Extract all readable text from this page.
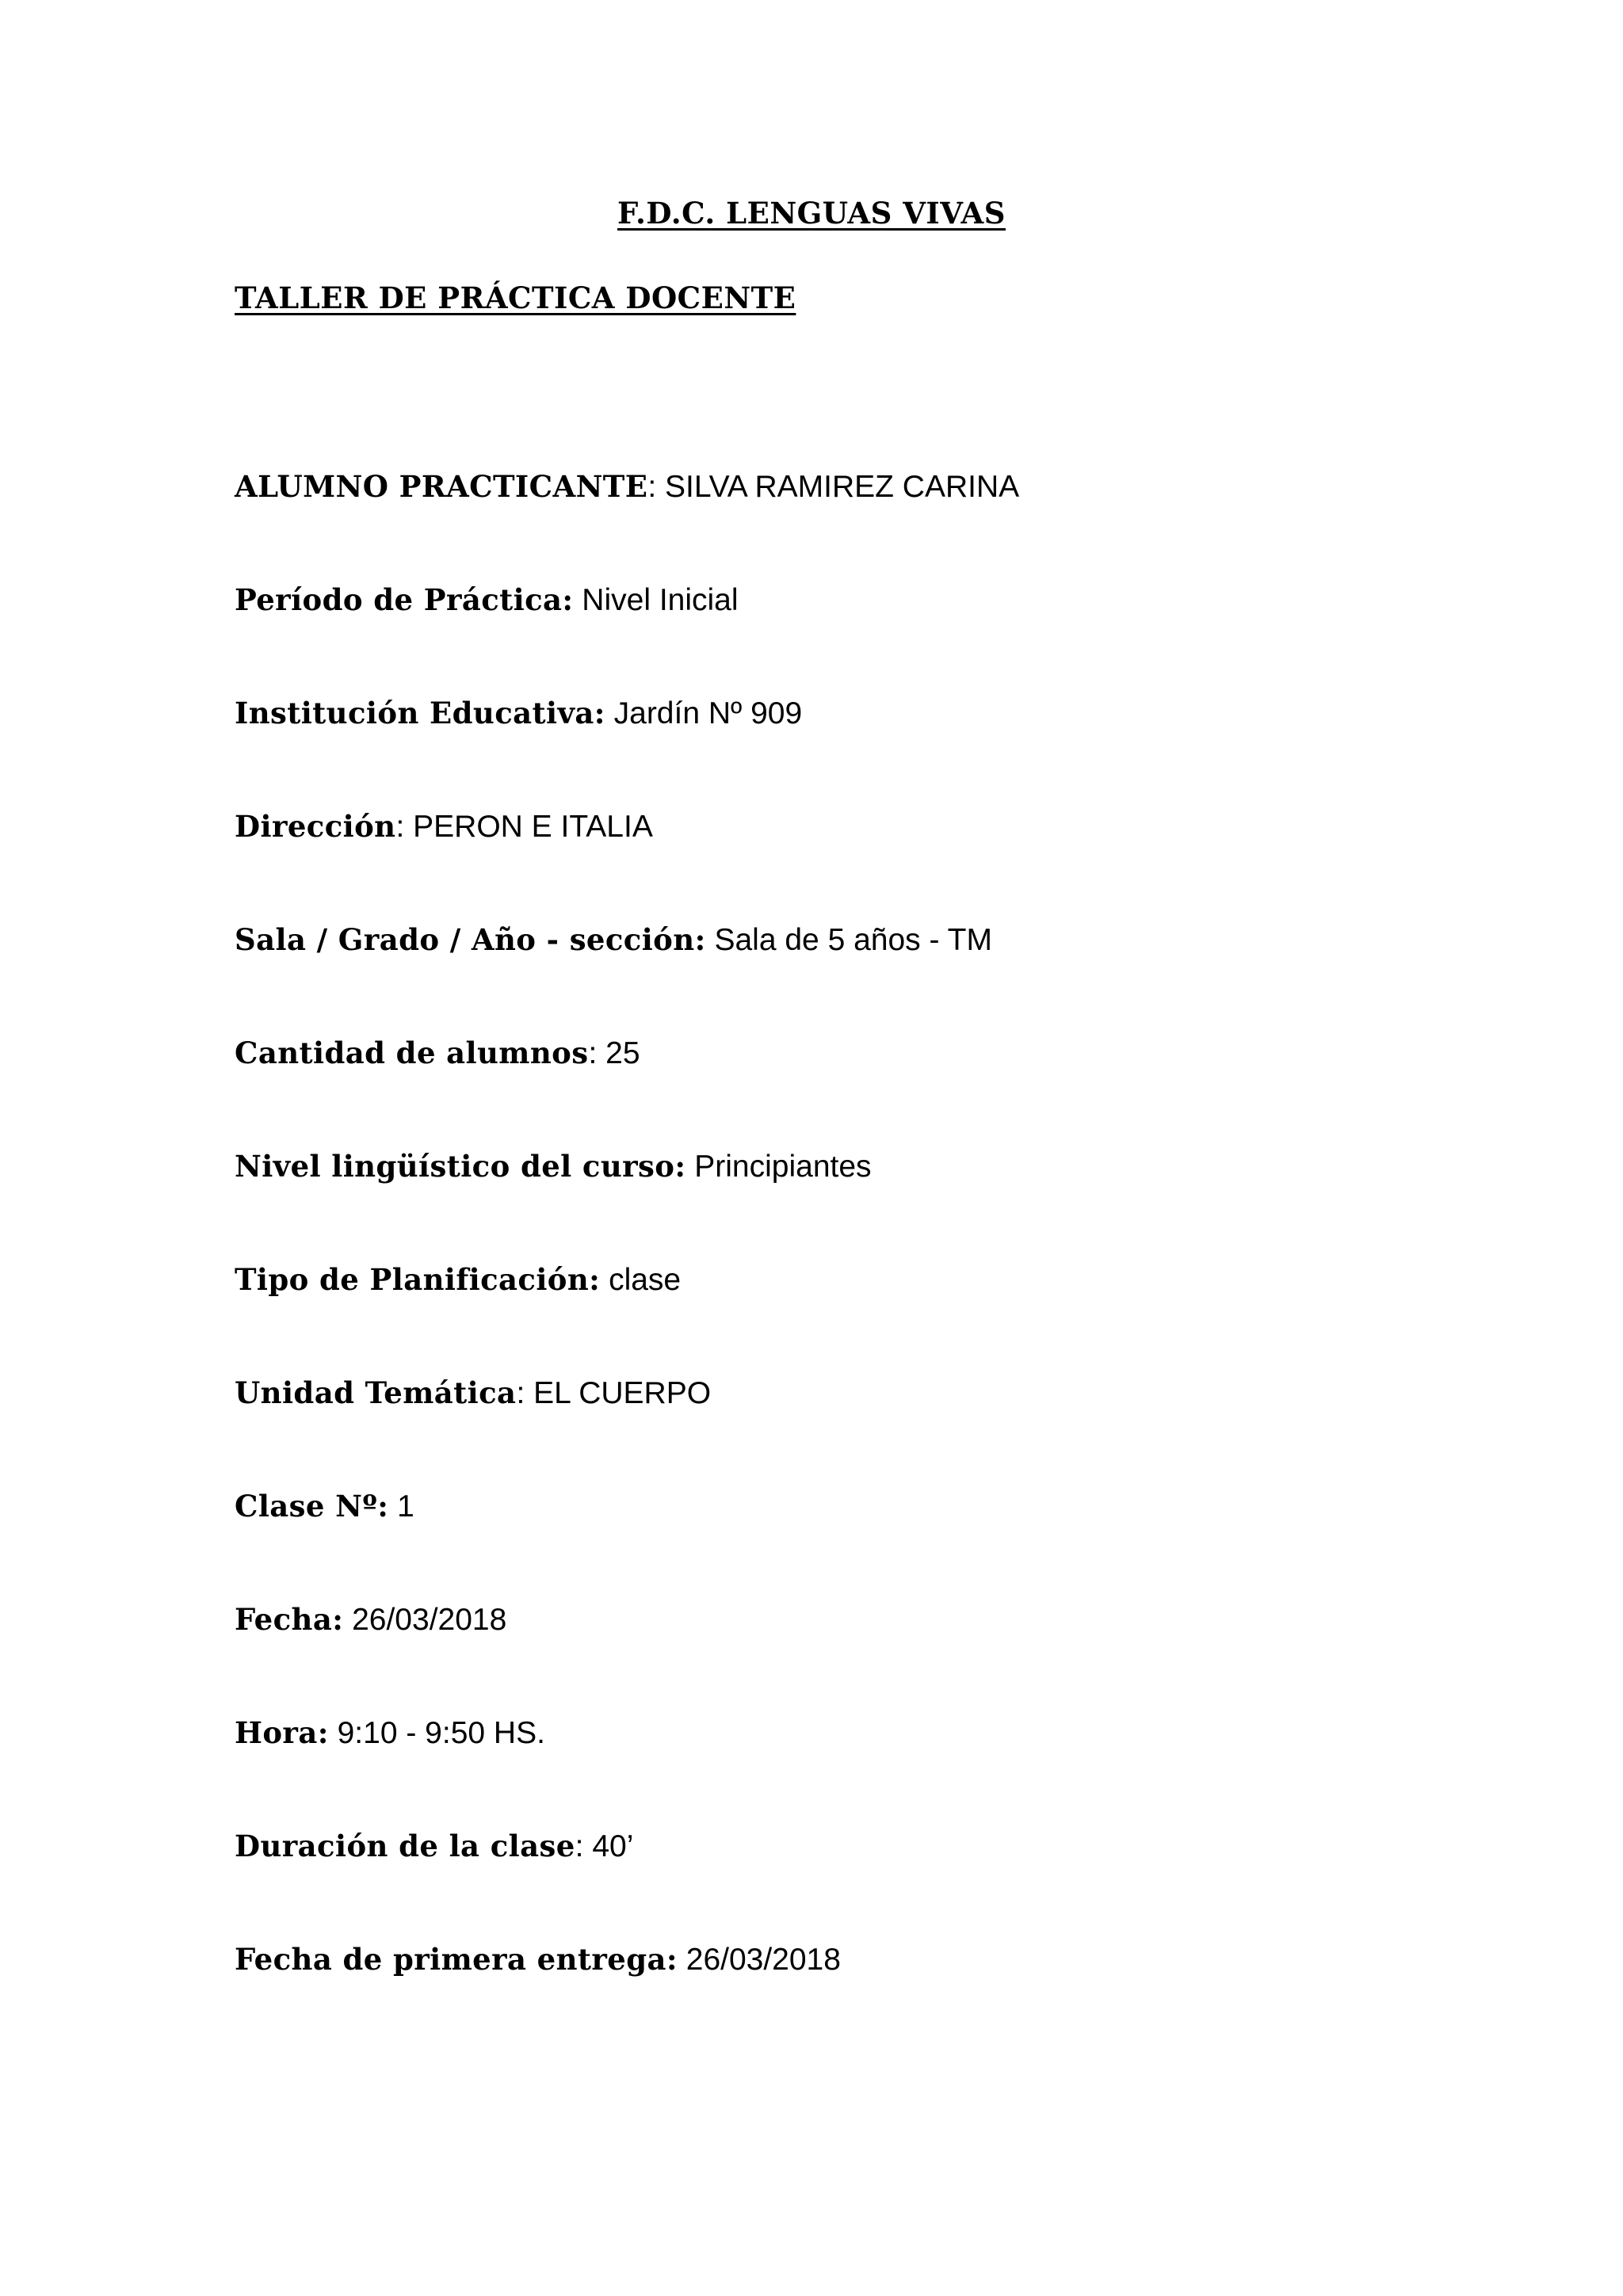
F.D.C. LENGUAS VIVAS
TALLER DE PRÁCTICA DOCENTE
ALUMNO PRACTICANTE: SILVA RAMIREZ CARINA
Período de Práctica: Nivel Inicial
Institución Educativa: Jardín Nº 909
Dirección: PERON E ITALIA
Sala / Grado / Año - sección: Sala de 5 años - TM
Cantidad de alumnos: 25
Nivel lingüístico del curso: Principiantes
Tipo de Planificación: clase
Unidad Temática: EL CUERPO
Clase Nº: 1
Fecha: 26/03/2018
Hora: 9:10 - 9:50 HS.
Duración de la clase: 40’
Fecha de primera entrega: 26/03/2018
